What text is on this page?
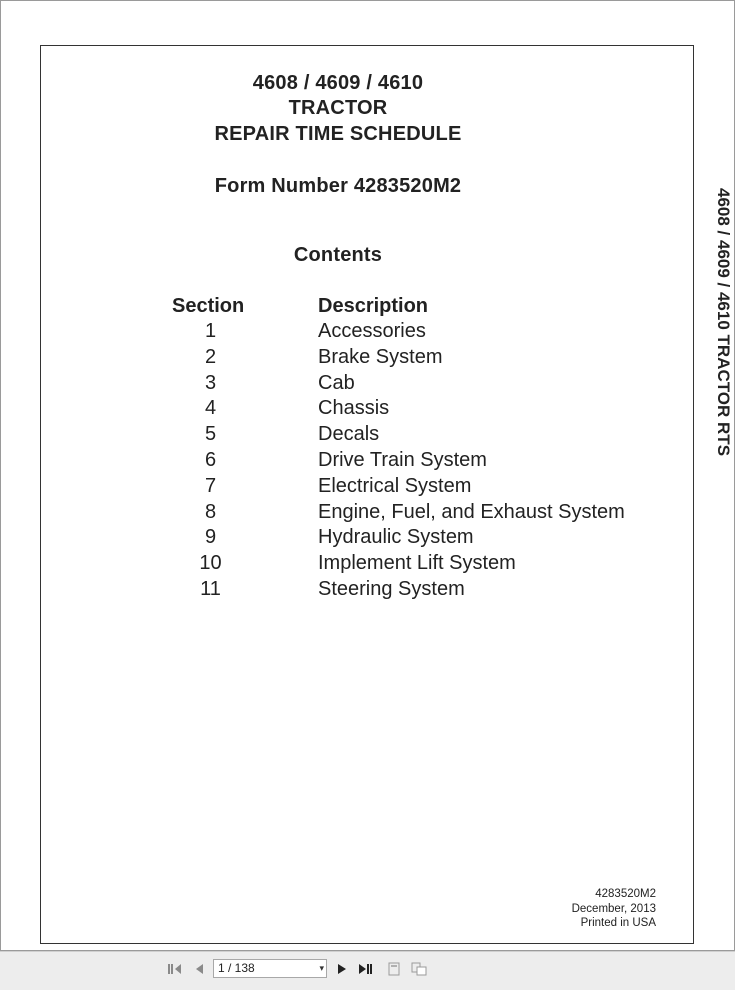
4608 / 4609 / 4610
TRACTOR
REPAIR TIME SCHEDULE
Form Number 4283520M2
Contents
Section	Description
1	Accessories
2	Brake System
3	Cab
4	Chassis
5	Decals
6	Drive Train System
7	Electrical System
8	Engine, Fuel, and Exhaust System
9	Hydraulic System
10	Implement Lift System
11	Steering System
4283520M2
December, 2013
Printed in USA
4608 / 4609 / 4610 TRACTOR RTS
1 / 138	▾
